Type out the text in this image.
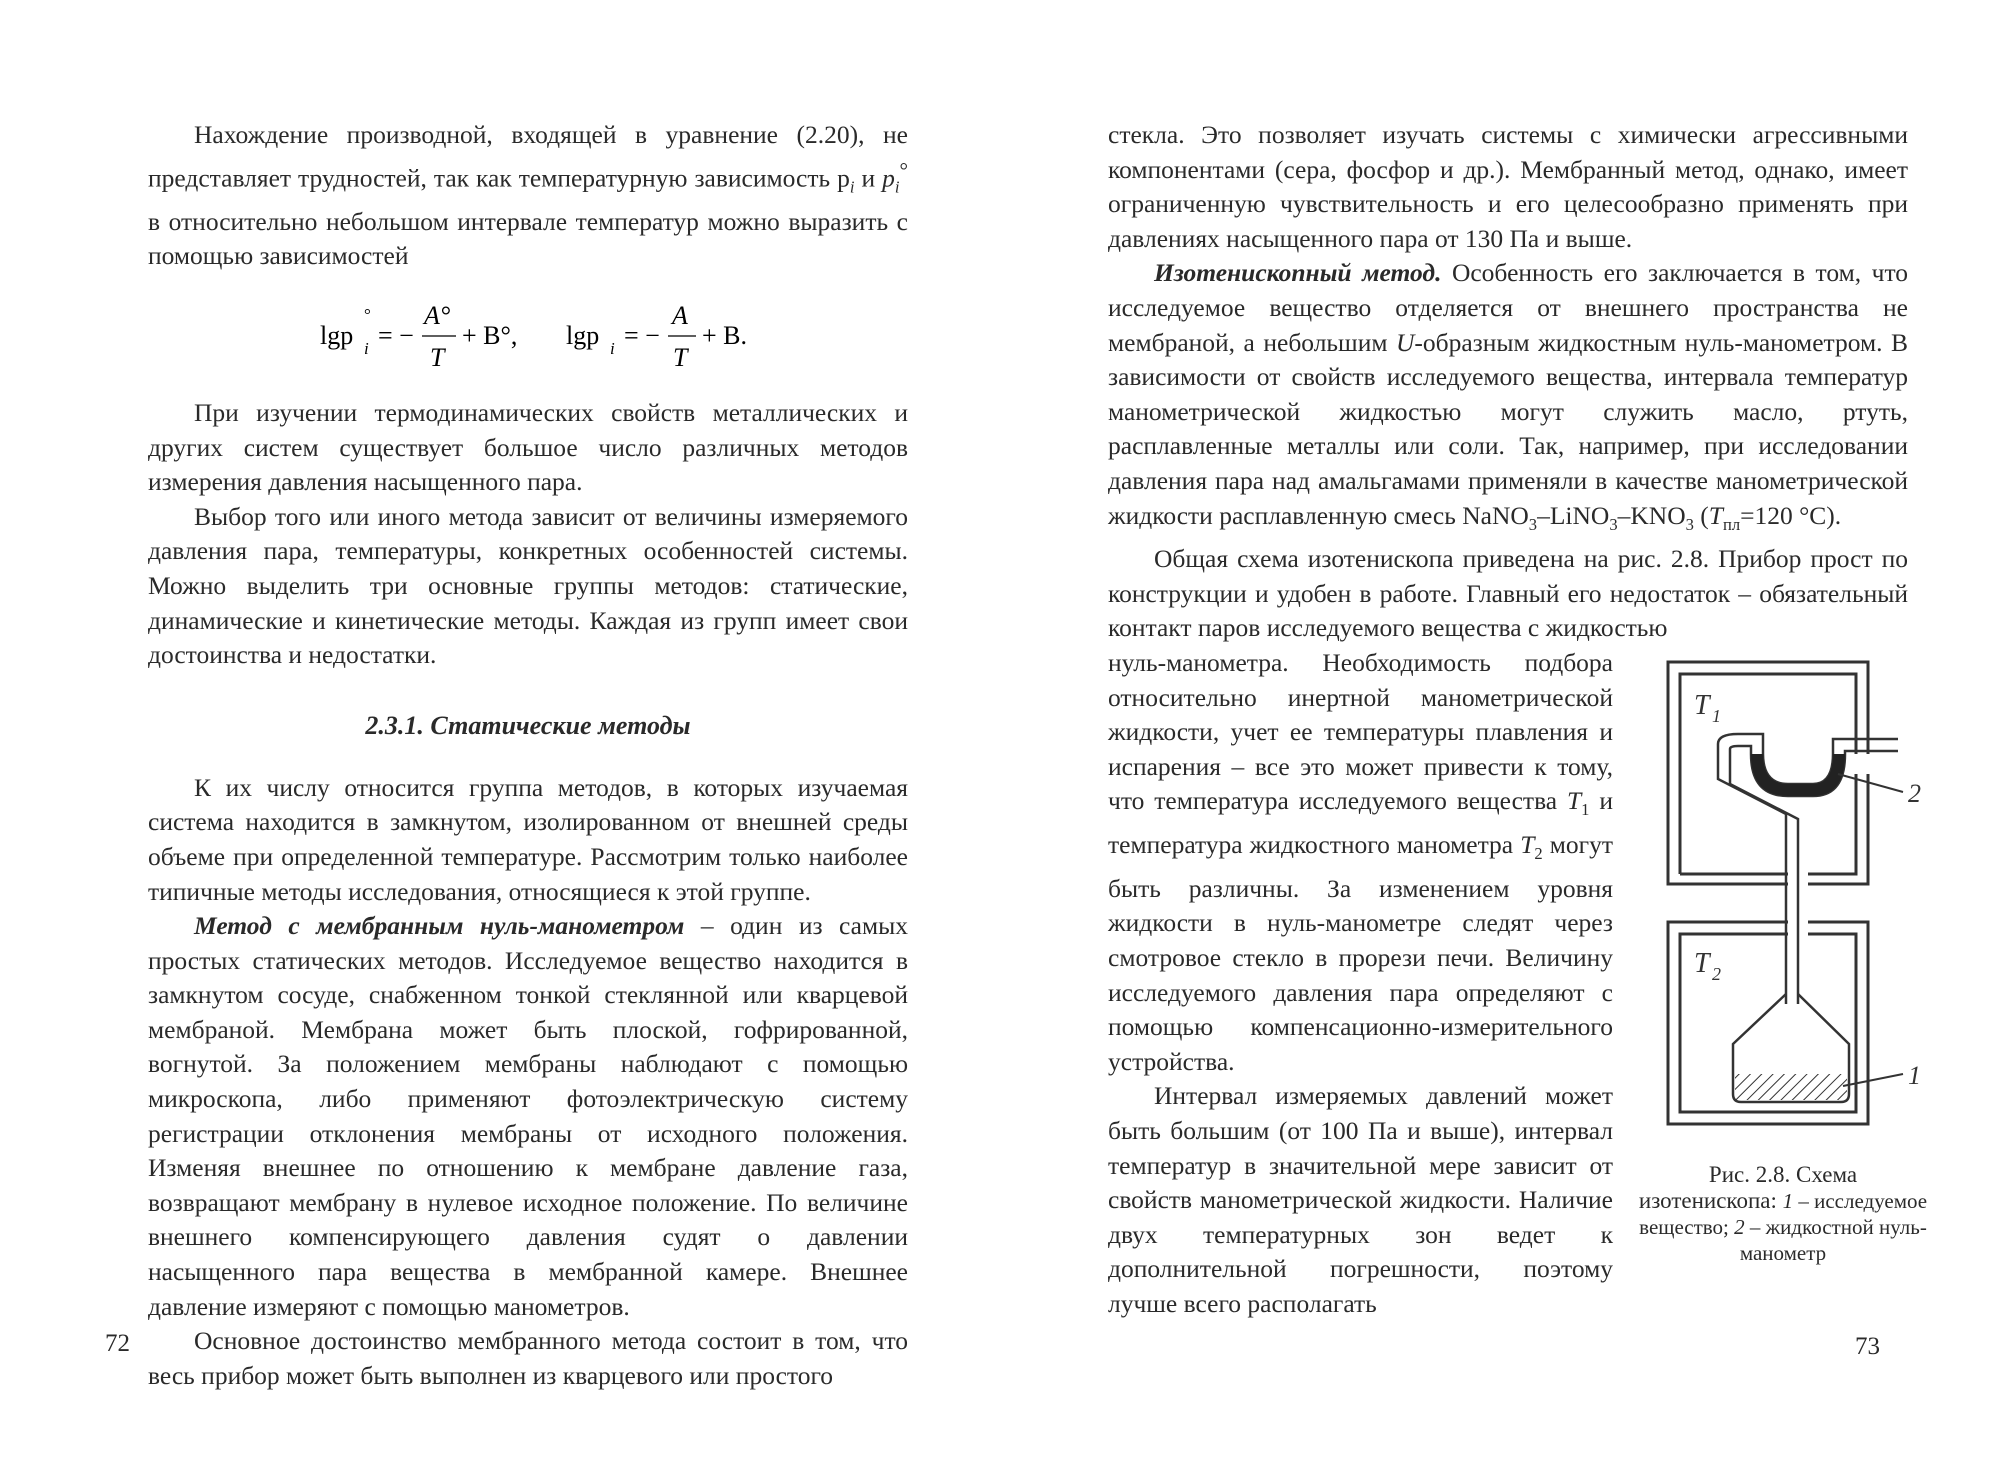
Нахождение производной, входящей в уравнение (2.20), не представляет трудностей, так как температурную зависимость $p_i$ и $p_i^\circ$ в относительно небольшом интервале температур можно выразить с помощью зависимостей

lgp i
°
= −
A°
T
+ B°, lgp i = −
A
T
+ B.

При изучении термодинамических свойств металлических и других систем существует большое число различных методов измерения давления насыщенного пара.

Выбор того или иного метода зависит от величины измеряемого давления пара, температуры, конкретных особенностей системы. Можно выделить три основные группы методов: статические, динамические и кинетические методы. Каждая из групп имеет свои достоинства и недостатки.

2.3.1. Статические методы

К их числу относится группа методов, в которых изучаемая система находится в замкнутом, изолированном от внешней среды объеме при определенной температуре. Рассмотрим только наиболее типичные методы исследования, относящиеся к этой группе.

Метод с мембранным нуль-манометром – один из самых простых статических методов. Исследуемое вещество находится в замкнутом сосуде, снабженном тонкой стеклянной или кварцевой мембраной. Мембрана может быть плоской, гофрированной, вогнутой. За положением мембраны наблюдают с помощью микроскопа, либо применяют фотоэлектрическую систему регистрации отклонения мембраны от исходного положения. Изменяя внешнее по отношению к мембране давление газа, возвращают мембрану в нулевое исходное положение. По величине внешнего компенсирующего давления судят о давлении насыщенного пара вещества в мембранной камере. Внешнее давление измеряют с помощью манометров.

Основное достоинство мембранного метода состоит в том, что весь прибор может быть выполнен из кварцевого или простого

72

стекла. Это позволяет изучать системы с химически агрессивными компонентами (сера, фосфор и др.). Мембранный метод, однако, имеет ограниченную чувствительность и его целесообразно применять при давлениях насыщенного пара от 130 Па и выше.

Изотенископный метод. Особенность его заключается в том, что исследуемое вещество отделяется от внешнего пространства не мембраной, а небольшим U-образным жидкостным нуль-манометром. В зависимости от свойств исследуемого вещества, интервала температур манометрической жидкостью могут служить масло, ртуть, расплавленные металлы или соли. Так, например, при исследовании давления пара над амальгамами применяли в качестве манометрической жидкости расплавленную смесь $NaNO_3-LiNO_3-KNO_3$ ($T_{пл}=120$ °C).

Общая схема изотенископа приведена на рис. 2.8. Прибор прост по конструкции и удобен в работе. Главный его недостаток – обязательный контакт паров исследуемого вещества с жидкостью

нуль-манометра. Необходимость подбора относительно инертной манометрической жидкости, учет ее температуры плавления и испарения – все это может привести к тому, что температура исследуемого вещества $T_1$ и температура жидкостного манометра $T_2$ могут быть различны. За изменением уровня жидкости в нуль-манометре следят через смотровое стекло в прорези печи. Величину исследуемого давления пара определяют с помощью компенсационно-измерительного устройства.

Интервал измеряемых давлений может быть большим (от 100 Па и выше), интервал температур в значительной мере зависит от свойств манометрической жидкости. Наличие двух температурных зон ведет к дополнительной погрешности, поэтому лучше всего располагать

T 1
T 2
2
1
Рис. 2.8. Схема изотенископа: 1 – исследуемое вещество; 2 – жидкостной нуль-манометр
73
